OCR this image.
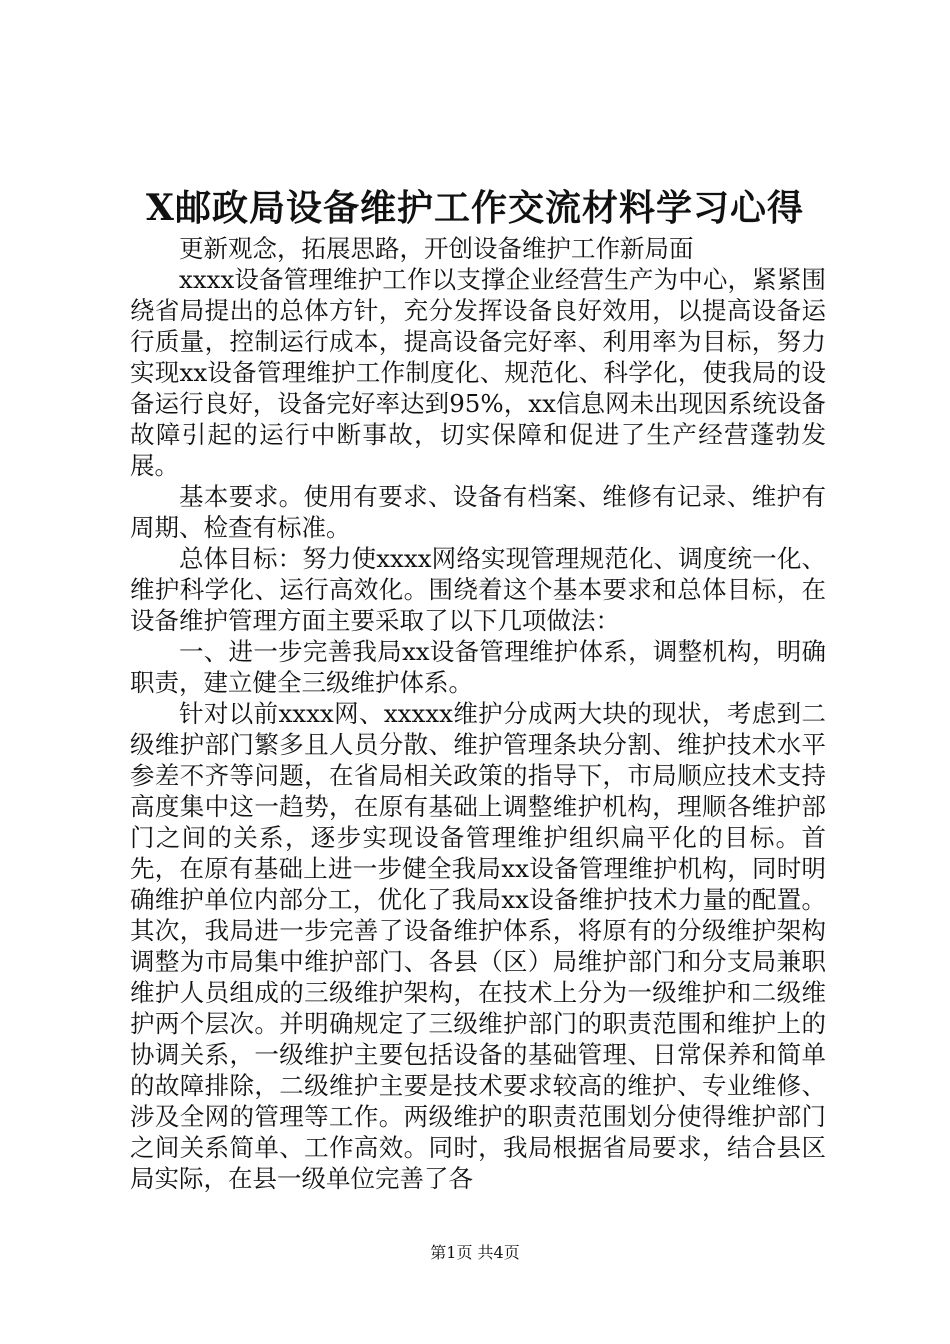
X邮政局设备维护工作交流材料学习心得

更新观念，拓展思路，开创设备维护工作新局面

xxxx设备管理维护工作以支撑企业经营生产为中心，紧紧围绕省局提出的总体方针，充分发挥设备良好效用，以提高设备运行质量，控制运行成本，提高设备完好率、利用率为目标，努力实现xx设备管理维护工作制度化、规范化、科学化，使我局的设备运行良好，设备完好率达到95%，xx信息网未出现因系统设备故障引起的运行中断事故，切实保障和促进了生产经营蓬勃发展。

基本要求。使用有要求、设备有档案、维修有记录、维护有周期、检查有标准。

总体目标：努力使xxxx网络实现管理规范化、调度统一化、维护科学化、运行高效化。围绕着这个基本要求和总体目标，在设备维护管理方面主要采取了以下几项做法：

一、进一步完善我局xx设备管理维护体系，调整机构，明确职责，建立健全三级维护体系。

针对以前xxxx网、xxxxx维护分成两大块的现状，考虑到二级维护部门繁多且人员分散、维护管理条块分割、维护技术水平参差不齐等问题，在省局相关政策的指导下，市局顺应技术支持高度集中这一趋势，在原有基础上调整维护机构，理顺各维护部门之间的关系，逐步实现设备管理维护组织扁平化的目标。首先，在原有基础上进一步健全我局xx设备管理维护机构，同时明确维护单位内部分工，优化了我局xx设备维护技术力量的配置。其次，我局进一步完善了设备维护体系，将原有的分级维护架构调整为市局集中维护部门、各县（区）局维护部门和分支局兼职维护人员组成的三级维护架构，在技术上分为一级维护和二级维护两个层次。并明确规定了三级维护部门的职责范围和维护上的协调关系，一级维护主要包括设备的基础管理、日常保养和简单的故障排除，二级维护主要是技术要求较高的维护、专业维修、涉及全网的管理等工作。两级维护的职责范围划分使得维护部门之间关系简单、工作高效。同时，我局根据省局要求，结合县区局实际，在县一级单位完善了各

第1页 共4页
